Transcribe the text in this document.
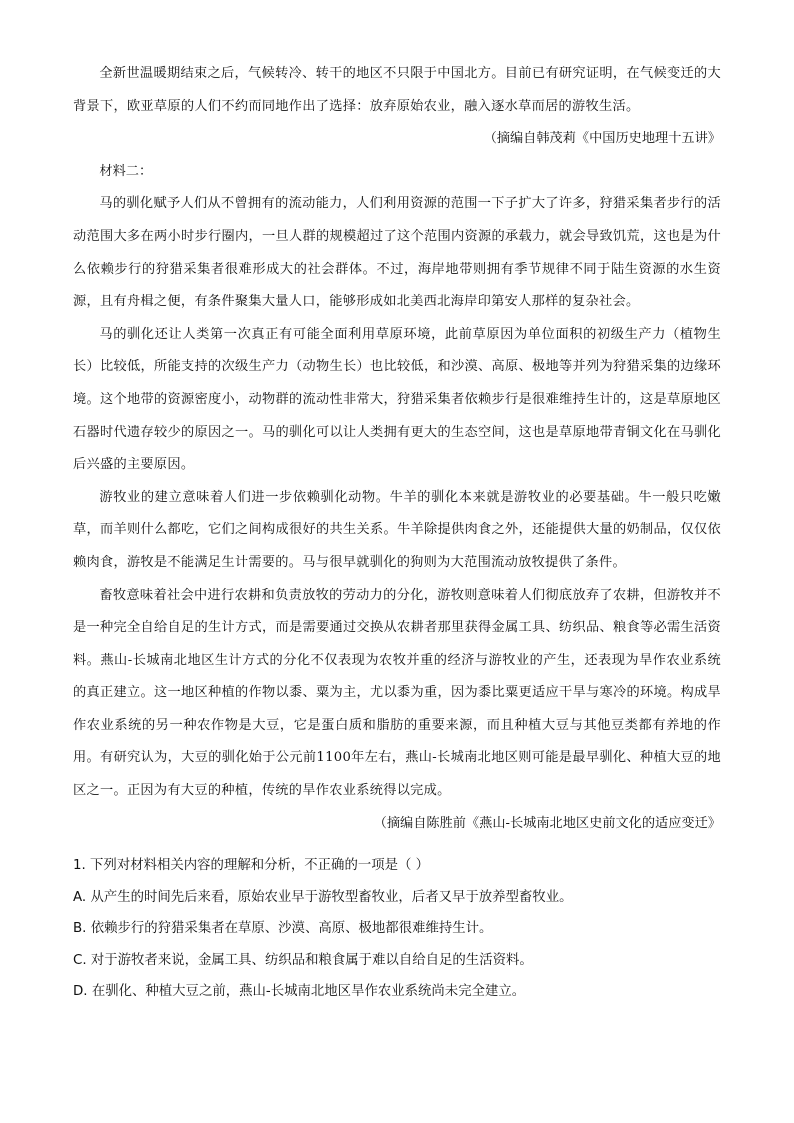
全新世温暖期结束之后，气候转冷、转干的地区不只限于中国北方。目前已有研究证明，在气候变迁的大背景下，欧亚草原的人们不约而同地作出了选择：放弃原始农业，融入逐水草而居的游牧生活。

（摘编自韩茂莉《中国历史地理十五讲》

材料二：

马的驯化赋予人们从不曾拥有的流动能力，人们利用资源的范围一下子扩大了许多，狩猎采集者步行的活动范围大多在两小时步行圈内，一旦人群的规模超过了这个范围内资源的承载力，就会导致饥荒，这也是为什么依赖步行的狩猎采集者很难形成大的社会群体。不过，海岸地带则拥有季节规律不同于陆生资源的水生资源，且有舟楫之便，有条件聚集大量人口，能够形成如北美西北海岸印第安人那样的复杂社会。

马的驯化还让人类第一次真正有可能全面利用草原环境，此前草原因为单位面积的初级生产力（植物生长）比较低，所能支持的次级生产力（动物生长）也比较低，和沙漠、高原、极地等并列为狩猎采集的边缘环境。这个地带的资源密度小，动物群的流动性非常大，狩猎采集者依赖步行是很难维持生计的，这是草原地区石器时代遗存较少的原因之一。马的驯化可以让人类拥有更大的生态空间，这也是草原地带青铜文化在马驯化后兴盛的主要原因。

游牧业的建立意味着人们进一步依赖驯化动物。牛羊的驯化本来就是游牧业的必要基础。牛一般只吃嫩草，而羊则什么都吃，它们之间构成很好的共生关系。牛羊除提供肉食之外，还能提供大量的奶制品，仅仅依赖肉食，游牧是不能满足生计需要的。马与很早就驯化的狗则为大范围流动放牧提供了条件。

畜牧意味着社会中进行农耕和负责放牧的劳动力的分化，游牧则意味着人们彻底放弃了农耕，但游牧并不是一种完全自给自足的生计方式，而是需要通过交换从农耕者那里获得金属工具、纺织品、粮食等必需生活资料。燕山-长城南北地区生计方式的分化不仅表现为农牧并重的经济与游牧业的产生，还表现为旱作农业系统的真正建立。这一地区种植的作物以黍、粟为主，尤以黍为重，因为黍比粟更适应干旱与寒冷的环境。构成旱作农业系统的另一种农作物是大豆，它是蛋白质和脂肪的重要来源，而且种植大豆与其他豆类都有养地的作用。有研究认为，大豆的驯化始于公元前1100年左右，燕山-长城南北地区则可能是最早驯化、种植大豆的地区之一。正因为有大豆的种植，传统的旱作农业系统得以完成。

（摘编自陈胜前《燕山-长城南北地区史前文化的适应变迁》

1. 下列对材料相关内容的理解和分析，不正确的一项是（ ）

A. 从产生的时间先后来看，原始农业早于游牧型畜牧业，后者又早于放养型畜牧业。

B. 依赖步行的狩猎采集者在草原、沙漠、高原、极地都很难维持生计。

C. 对于游牧者来说，金属工具、纺织品和粮食属于难以自给自足的生活资料。

D. 在驯化、种植大豆之前，燕山-长城南北地区旱作农业系统尚未完全建立。
